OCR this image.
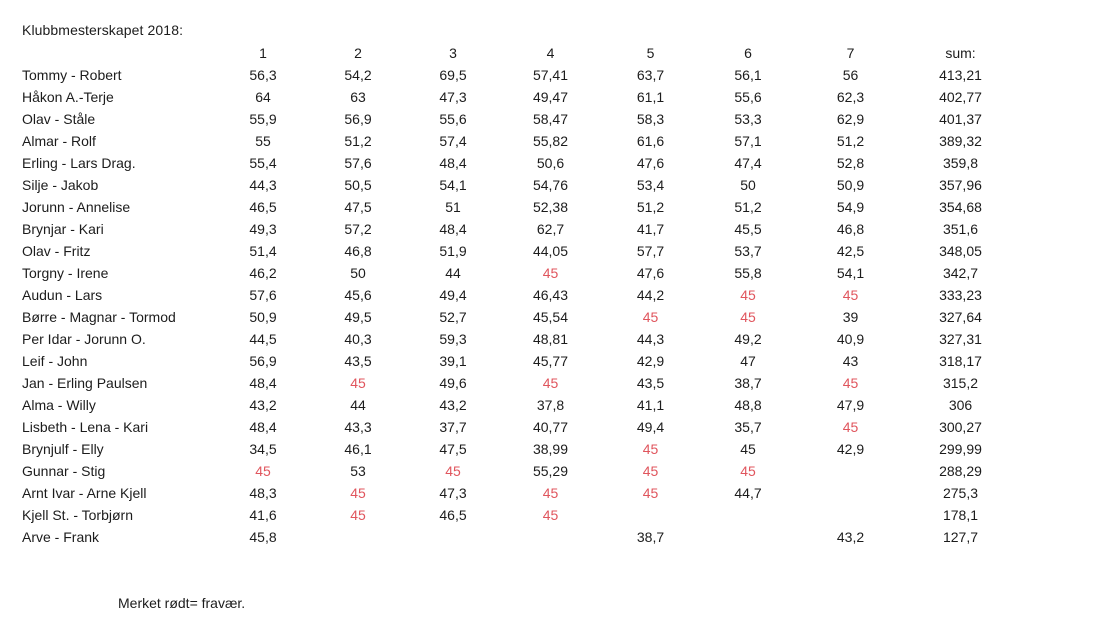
Klubbmesterskapet 2018:
	1	2	3	4	5	6	7	sum:
Tommy - Robert	56,3	54,2	69,5	57,41	63,7	56,1	56	413,21
Håkon A.-Terje	64	63	47,3	49,47	61,1	55,6	62,3	402,77
Olav - Ståle	55,9	56,9	55,6	58,47	58,3	53,3	62,9	401,37
Almar - Rolf	55	51,2	57,4	55,82	61,6	57,1	51,2	389,32
Erling - Lars Drag.	55,4	57,6	48,4	50,6	47,6	47,4	52,8	359,8
Silje - Jakob	44,3	50,5	54,1	54,76	53,4	50	50,9	357,96
Jorunn - Annelise	46,5	47,5	51	52,38	51,2	51,2	54,9	354,68
Brynjar - Kari	49,3	57,2	48,4	62,7	41,7	45,5	46,8	351,6
Olav - Fritz	51,4	46,8	51,9	44,05	57,7	53,7	42,5	348,05
Torgny - Irene	46,2	50	44	45	47,6	55,8	54,1	342,7
Audun - Lars	57,6	45,6	49,4	46,43	44,2	45	45	333,23
Børre - Magnar - Tormod	50,9	49,5	52,7	45,54	45	45	39	327,64
Per Idar - Jorunn O.	44,5	40,3	59,3	48,81	44,3	49,2	40,9	327,31
Leif - John	56,9	43,5	39,1	45,77	42,9	47	43	318,17
Jan - Erling Paulsen	48,4	45	49,6	45	43,5	38,7	45	315,2
Alma - Willy	43,2	44	43,2	37,8	41,1	48,8	47,9	306
Lisbeth - Lena - Kari	48,4	43,3	37,7	40,77	49,4	35,7	45	300,27
Brynjulf - Elly	34,5	46,1	47,5	38,99	45	45	42,9	299,99
Gunnar - Stig	45	53	45	55,29	45	45		288,29
Arnt Ivar - Arne Kjell	48,3	45	47,3	45	45	44,7		275,3
Kjell St. - Torbjørn	41,6	45	46,5	45				178,1
Arve - Frank	45,8				38,7		43,2	127,7
Merket rødt= fravær.
